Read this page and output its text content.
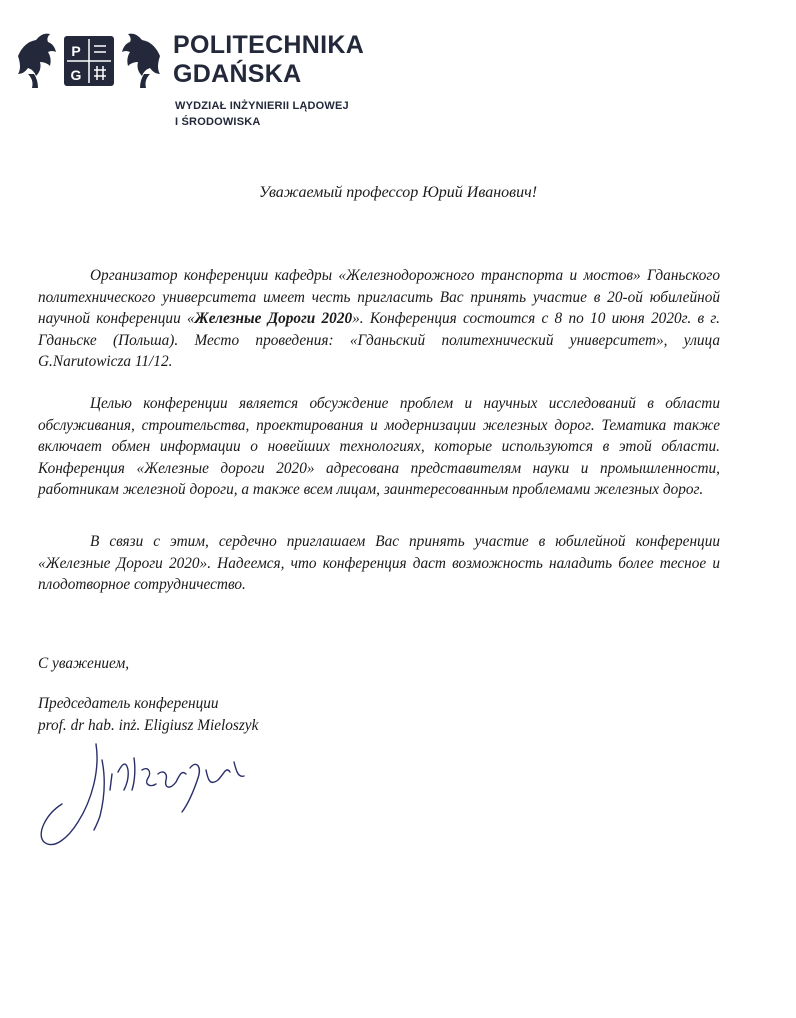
P
G
POLITECHNIKA
GDAŃSKA
WYDZIAŁ INŻYNIERII LĄDOWEJ
I ŚRODOWISKA

Уважаемый профессор Юрий Иванович!

Организатор конференции кафедры «Железнодорожного транспорта и мостов» Гданьского политехнического университета имеет честь пригласить Вас принять участие в 20-ой юбилейной научной конференции «Железные Дороги 2020». Конференция состоится с 8 по 10 июня 2020г. в г. Гданьске (Польша). Место проведения: «Гданьский политехнический университет», улица G.Narutowicza 11/12.

Целью конференции является обсуждение проблем и научных исследований в области обслуживания, строительства, проектирования и модернизации железных дорог. Тематика также включает обмен информации о новейших технологиях, которые используются в этой области. Конференция «Железные дороги 2020» адресована представителям науки и промышленности, работникам железной дороги, а также всем лицам, заинтересованным проблемами железных дорог.

В связи с этим, сердечно приглашаем Вас принять участие в юбилейной конференции «Железные Дороги 2020». Надеемся, что конференция даст возможность наладить более тесное и плодотворное сотрудничество.

С уважением,

Председатель конференции

prof. dr hab. inż. Eligiusz Mieloszyk
